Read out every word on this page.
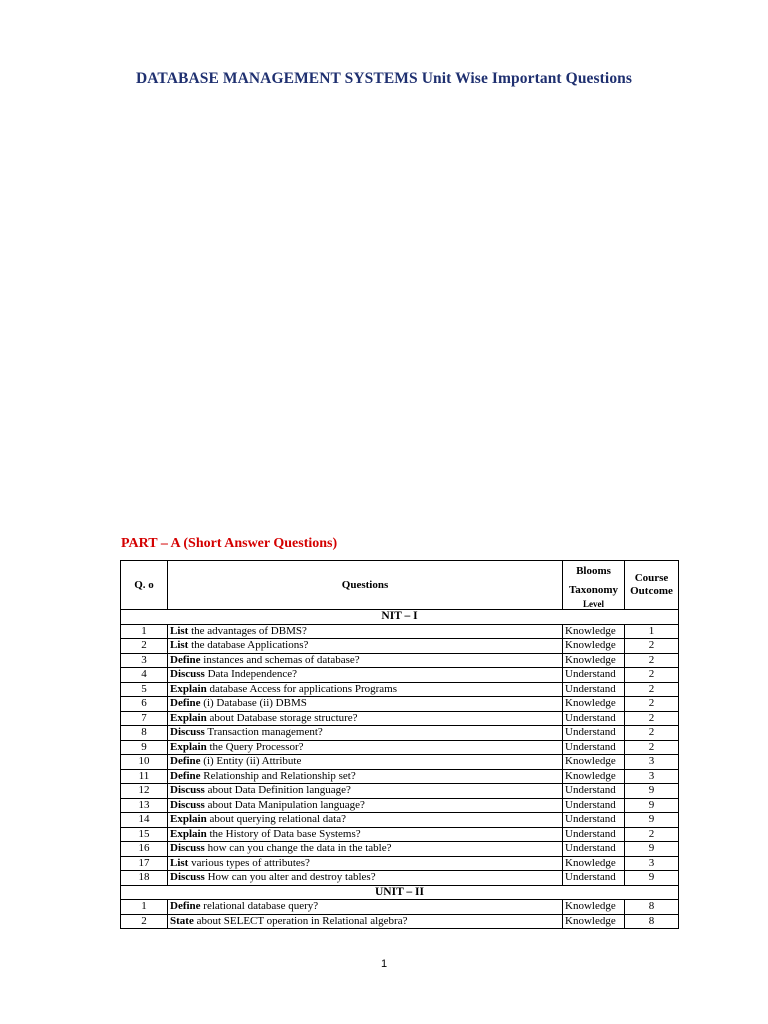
DATABASE MANAGEMENT SYSTEMS Unit Wise Important Questions
PART – A (Short Answer Questions)
Q. o	Questions	Blooms
Taxonomy
Level	Course
Outcome

NIT – I			
1	List the advantages of DBMS?	Knowledge	1
2	List the database Applications?	Knowledge	2
3	Define instances and schemas of database?	Knowledge	2
4	Discuss Data Independence?	Understand	2
5	Explain database Access for applications Programs	Understand	2
6	Define (i) Database (ii) DBMS	Knowledge	2
7	Explain about Database storage structure?	Understand	2
8	Discuss Transaction management?	Understand	2
9	Explain the Query Processor?	Understand	2
10	Define (i) Entity (ii) Attribute	Knowledge	3
11	Define Relationship and Relationship set?	Knowledge	3
12	Discuss about Data Definition language?	Understand	9
13	Discuss about Data Manipulation language?	Understand	9
14	Explain about querying relational data?	Understand	9
15	Explain the History of Data base Systems?	Understand	2
16	Discuss how can you change the data in the table?	Understand	9
17	List various types of attributes?	Knowledge	3
18	Discuss How can you alter and destroy tables?	Understand	9
UNIT – II			
1	Define relational database query?	Knowledge	8
2	State about SELECT operation in Relational algebra?	Knowledge	8
1
